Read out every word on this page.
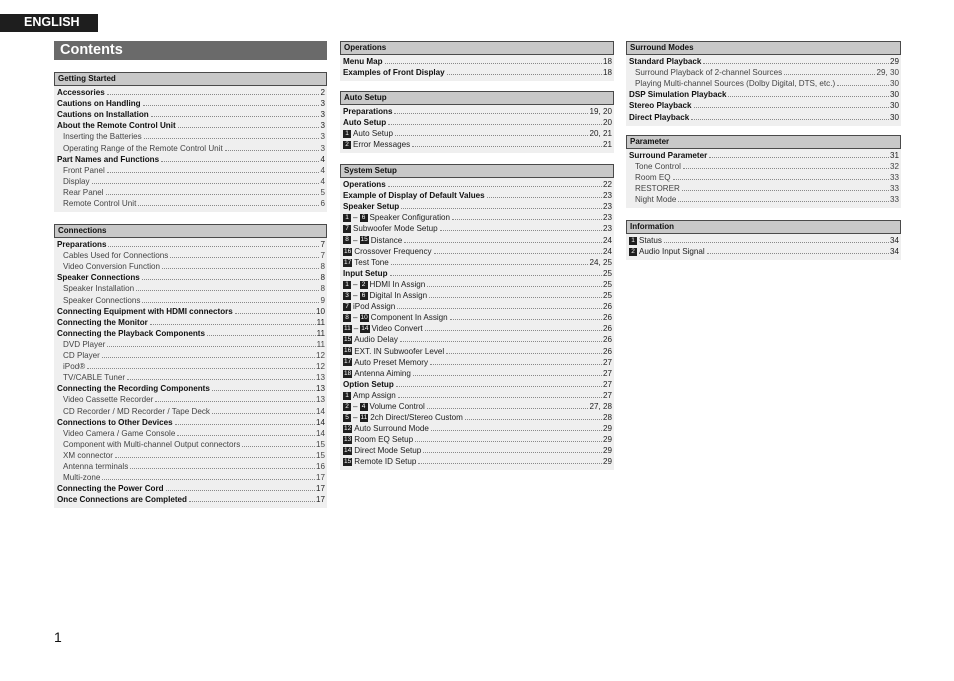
ENGLISH
Contents
Getting Started
Accessories	2
Cautions on Handling	3
Cautions on Installation	3
About the Remote Control Unit	3
Inserting the Batteries	3
Operating Range of the Remote Control Unit	3
Part Names and Functions	4
Front Panel	4
Display	4
Rear Panel	5
Remote Control Unit	6
Connections
Preparations	7
Cables Used for Connections	7
Video Conversion Function	8
Speaker Connections	8
Speaker Installation	8
Speaker Connections	9
Connecting Equipment with HDMI connectors	10
Connecting the Monitor	11
Connecting the Playback Components	11
DVD Player	11
CD Player	12
iPod®	12
TV/CABLE Tuner	13
Connecting the Recording Components	13
Video Cassette Recorder	13
CD Recorder / MD Recorder / Tape Deck	14
Connections to Other Devices	14
Video Camera / Game Console	14
Component with Multi-channel Output connectors	15
XM connector	15
Antenna terminals	16
Multi-zone	17
Connecting the Power Cord	17
Once Connections are Completed	17
Operations
Menu Map	18
Examples of Front Display	18
Auto Setup
Preparations	19, 20
Auto Setup	20
1 Auto Setup	20, 21
2 Error Messages	21
System Setup
Operations	22
Example of Display of Default Values	23
Speaker Setup	23
1 – 6 Speaker Configuration	23
7 Subwoofer Mode Setup	23
8 – 15 Distance	24
16 Crossover Frequency	24
17 Test Tone	24, 25
Input Setup	25
1 – 2 HDMI In Assign	25
3 – 6 Digital In Assign	25
7 iPod Assign	26
8 – 10 Component In Assign	26
11 – 14 Video Convert	26
15 Audio Delay	26
16 EXT. IN Subwoofer Level	26
17 Auto Preset Memory	27
18 Antenna Aiming	27
Option Setup	27
1 Amp Assign	27
2 – 4 Volume Control	27, 28
5 – 11 2ch Direct/Stereo Custom	28
12 Auto Surround Mode	29
13 Room EQ Setup	29
14 Direct Mode Setup	29
15 Remote ID Setup	29
Surround Modes
Standard Playback	29
Surround Playback of 2-channel Sources	29, 30
Playing Multi-channel Sources (Dolby Digital, DTS, etc.)	30
DSP Simulation Playback	30
Stereo Playback	30
Direct Playback	30
Parameter
Surround Parameter	31
Tone Control	32
Room EQ	33
RESTORER	33
Night Mode	33
Information
1 Status	34
2 Audio Input Signal	34
1
